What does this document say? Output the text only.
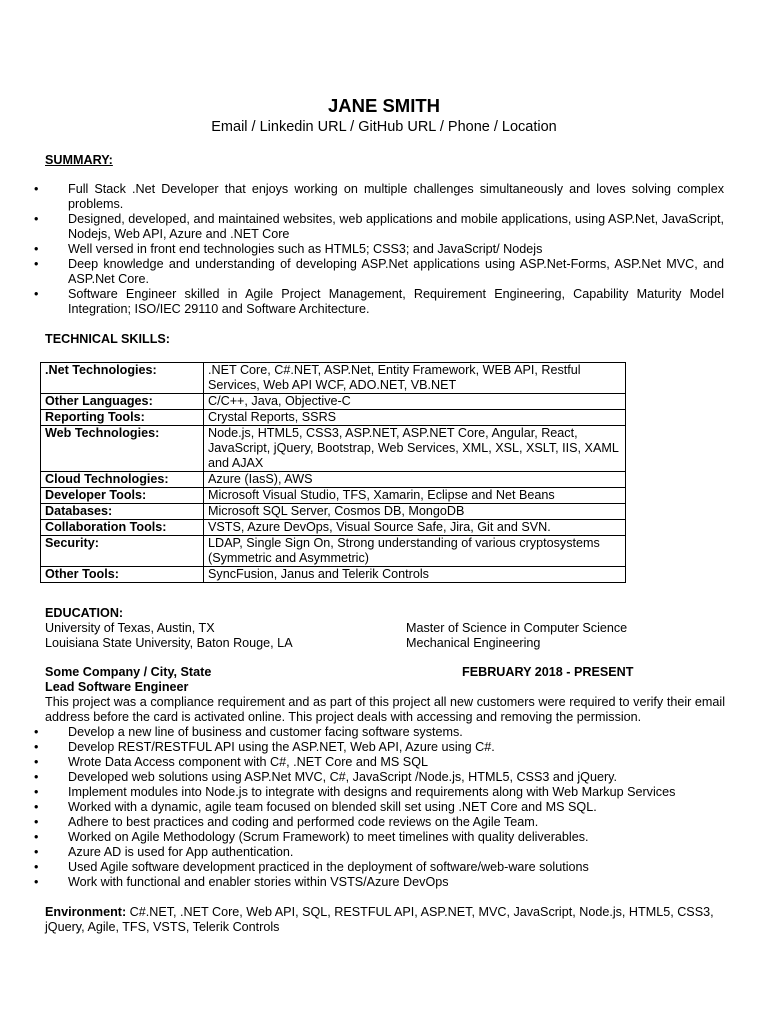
JANE SMITH
Email / Linkedin URL / GitHub URL / Phone / Location
SUMMARY:
• Full Stack .Net Developer that enjoys working on multiple challenges simultaneously and loves solving complex problems.
• Designed, developed, and maintained websites, web applications and mobile applications, using ASP.Net, JavaScript, Nodejs, Web API, Azure and .NET Core
• Well versed in front end technologies such as HTML5; CSS3; and JavaScript/ Nodejs
• Deep knowledge and understanding of developing ASP.Net applications using ASP.Net-Forms, ASP.Net MVC, and ASP.Net Core.
• Software Engineer skilled in Agile Project Management, Requirement Engineering, Capability Maturity Model Integration; ISO/IEC 29110 and Software Architecture.
TECHNICAL SKILLS:
.Net Technologies:	.NET Core, C#.NET, ASP.Net, Entity Framework, WEB API, Restful Services, Web API WCF, ADO.NET, VB.NET
Other Languages:	C/C++, Java, Objective-C
Reporting Tools:	Crystal Reports, SSRS
Web Technologies:	Node.js, HTML5, CSS3, ASP.NET, ASP.NET Core, Angular, React, JavaScript, jQuery, Bootstrap, Web Services, XML, XSL, XSLT, IIS, XAML and AJAX
Cloud Technologies:	Azure (IasS), AWS
Developer Tools:	Microsoft Visual Studio, TFS, Xamarin, Eclipse and Net Beans
Databases:	Microsoft SQL Server, Cosmos DB, MongoDB
Collaboration Tools:	VSTS, Azure DevOps, Visual Source Safe, Jira, Git and SVN.
Security:	LDAP, Single Sign On, Strong understanding of various cryptosystems (Symmetric and Asymmetric)
Other Tools:	SyncFusion, Janus and Telerik Controls
EDUCATION:
University of Texas, Austin, TX	Master of Science in Computer Science
Louisiana State University, Baton Rouge, LA	Mechanical Engineering
Some Company / City, State	FEBRUARY 2018 - PRESENT
Lead Software Engineer
This project was a compliance requirement and as part of this project all new customers were required to verify their email address before the card is activated online. This project deals with accessing and removing the permission.
• Develop a new line of business and customer facing software systems.
• Develop REST/RESTFUL API using the ASP.NET, Web API, Azure using C#.
• Wrote Data Access component with C#, .NET Core and MS SQL
• Developed web solutions using ASP.Net MVC, C#, JavaScript /Node.js, HTML5, CSS3 and jQuery.
• Implement modules into Node.js to integrate with designs and requirements along with Web Markup Services
• Worked with a dynamic, agile team focused on blended skill set using .NET Core and MS SQL.
• Adhere to best practices and coding and performed code reviews on the Agile Team.
• Worked on Agile Methodology (Scrum Framework) to meet timelines with quality deliverables.
• Azure AD is used for App authentication.
• Used Agile software development practiced in the deployment of software/web-ware solutions
• Work with functional and enabler stories within VSTS/Azure DevOps
Environment: C#.NET, .NET Core, Web API, SQL, RESTFUL API, ASP.NET, MVC, JavaScript, Node.js, HTML5, CSS3, jQuery, Agile, TFS, VSTS, Telerik Controls
